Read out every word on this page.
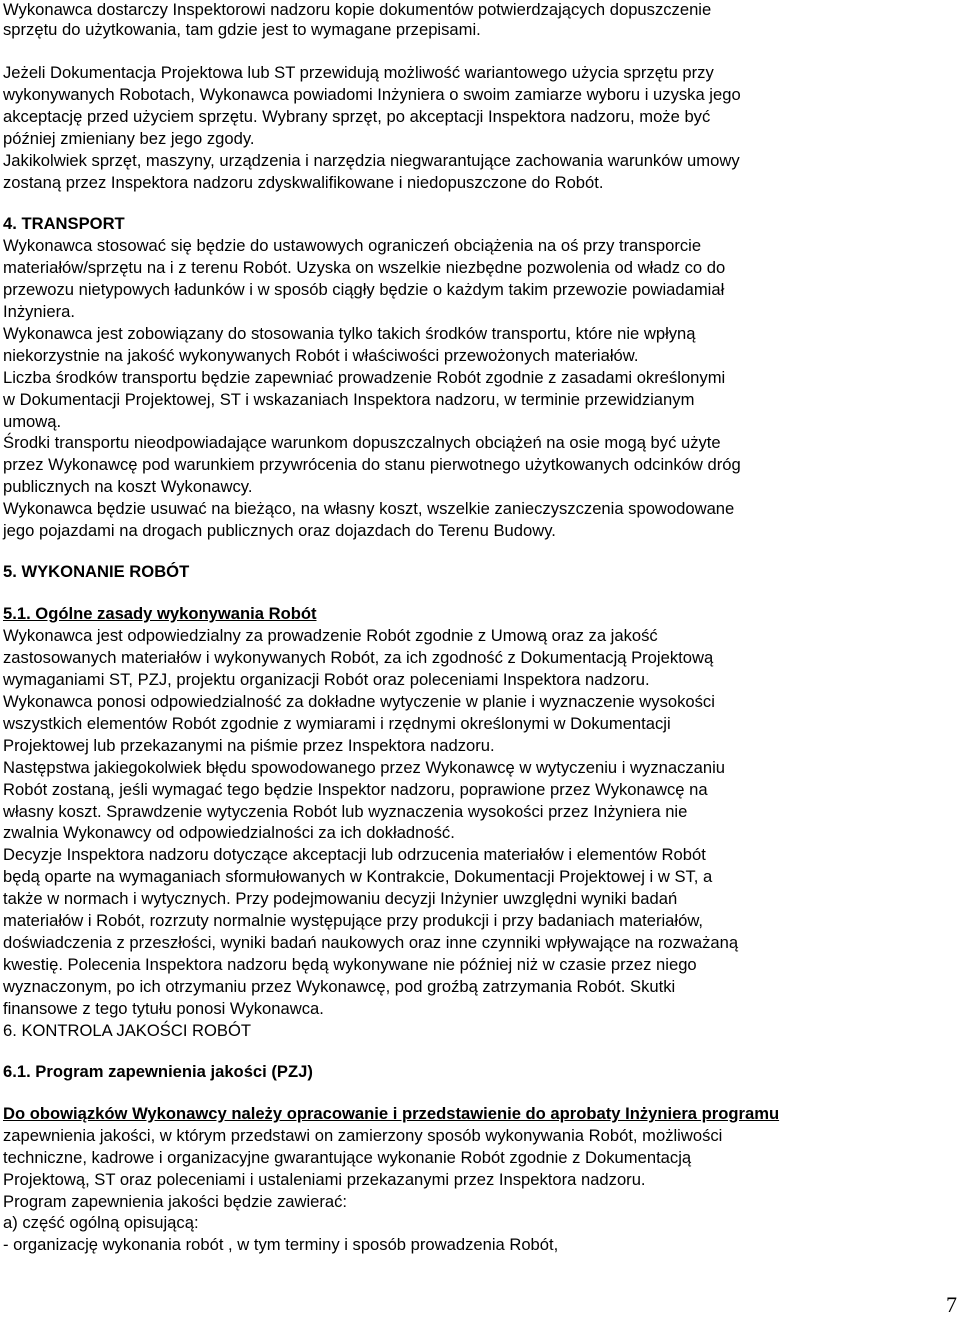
Wykonawca dostarczy Inspektorowi nadzoru kopie dokumentów potwierdzających dopuszczenie
sprzętu do użytkowania, tam gdzie jest to wymagane przepisami.
Jeżeli Dokumentacja Projektowa lub ST przewidują możliwość wariantowego użycia sprzętu przy
wykonywanych Robotach, Wykonawca powiadomi Inżyniera o swoim zamiarze wyboru i uzyska jego
akceptację przed użyciem sprzętu. Wybrany sprzęt, po akceptacji Inspektora nadzoru, może być
później zmieniany bez jego zgody.
Jakikolwiek sprzęt, maszyny, urządzenia i narzędzia niegwarantujące zachowania warunków umowy
zostaną przez Inspektora nadzoru zdyskwalifikowane i niedopuszczone do Robót.
4. TRANSPORT
Wykonawca stosować się będzie do ustawowych ograniczeń obciążenia na oś przy transporcie
materiałów/sprzętu na i z terenu Robót. Uzyska on wszelkie niezbędne pozwolenia od władz co do
przewozu nietypowych ładunków i w sposób ciągły będzie o każdym takim przewozie powiadamiał
Inżyniera.
Wykonawca jest zobowiązany do stosowania tylko takich środków transportu, które nie wpłyną
niekorzystnie na jakość wykonywanych Robót i właściwości przewożonych materiałów.
Liczba środków transportu będzie zapewniać prowadzenie Robót zgodnie z zasadami określonymi
w Dokumentacji Projektowej, ST i wskazaniach Inspektora nadzoru, w terminie przewidzianym
umową.
Środki transportu nieodpowiadające warunkom dopuszczalnych obciążeń na osie mogą być użyte
przez Wykonawcę pod warunkiem przywrócenia do stanu pierwotnego użytkowanych odcinków dróg
publicznych na koszt Wykonawcy.
Wykonawca będzie usuwać na bieżąco, na własny koszt, wszelkie zanieczyszczenia spowodowane
jego pojazdami na drogach publicznych oraz dojazdach do Terenu Budowy.
5. WYKONANIE ROBÓT
5.1. Ogólne zasady wykonywania Robót
Wykonawca jest odpowiedzialny za prowadzenie Robót zgodnie z Umową oraz za jakość
zastosowanych materiałów i wykonywanych Robót, za ich zgodność z Dokumentacją Projektową
wymaganiami ST, PZJ, projektu organizacji Robót oraz poleceniami Inspektora nadzoru.
Wykonawca ponosi odpowiedzialność za dokładne wytyczenie w planie i wyznaczenie wysokości
wszystkich elementów Robót zgodnie z wymiarami i rzędnymi określonymi w Dokumentacji
Projektowej lub przekazanymi na piśmie przez Inspektora nadzoru.
Następstwa jakiegokolwiek błędu spowodowanego przez Wykonawcę w wytyczeniu i wyznaczaniu
Robót zostaną, jeśli wymagać tego będzie Inspektor nadzoru, poprawione przez Wykonawcę na
własny koszt. Sprawdzenie wytyczenia Robót lub wyznaczenia wysokości przez Inżyniera nie
zwalnia Wykonawcy od odpowiedzialności za ich dokładność.
Decyzje Inspektora nadzoru dotyczące akceptacji lub odrzucenia materiałów i elementów Robót
będą oparte na wymaganiach sformułowanych w Kontrakcie, Dokumentacji Projektowej i w ST, a
także w normach i wytycznych. Przy podejmowaniu decyzji Inżynier uwzględni wyniki badań
materiałów i Robót, rozrzuty normalnie występujące przy produkcji i przy badaniach materiałów,
doświadczenia z przeszłości, wyniki badań naukowych oraz inne czynniki wpływające na rozważaną
kwestię. Polecenia Inspektora nadzoru będą wykonywane nie później niż w czasie przez niego
wyznaczonym, po ich otrzymaniu przez Wykonawcę, pod groźbą zatrzymania Robót. Skutki
finansowe z tego tytułu ponosi Wykonawca.
6. KONTROLA JAKOŚCI ROBÓT
6.1. Program zapewnienia jakości (PZJ)
Do obowiązków Wykonawcy należy opracowanie i przedstawienie do aprobaty Inżyniera programu
zapewnienia jakości, w którym przedstawi on zamierzony sposób wykonywania Robót, możliwości
techniczne, kadrowe i organizacyjne gwarantujące wykonanie Robót zgodnie z Dokumentacją
Projektową, ST oraz poleceniami i ustaleniami przekazanymi przez Inspektora nadzoru.
Program zapewnienia jakości będzie zawierać:
a) część ogólną opisującą:
- organizację wykonania robót , w tym terminy i sposób prowadzenia Robót,
7
